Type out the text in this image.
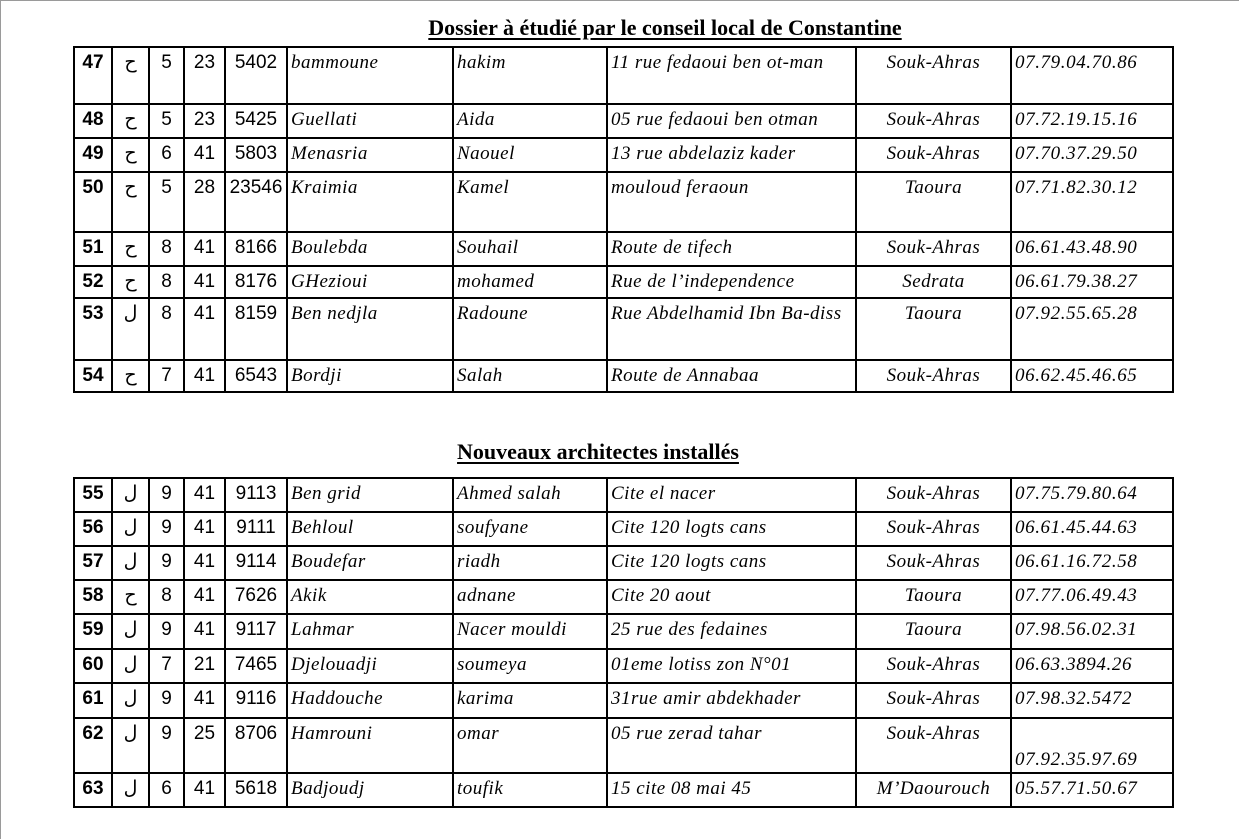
Dossier à étudié par le conseil local de Constantine
47	ح	5	23	5402	bammoune	hakim	11 rue fedaoui ben ot-man	Souk-Ahras	07.79.04.70.86
48	ح	5	23	5425	Guellati	Aida	05 rue fedaoui ben otman	Souk-Ahras	07.72.19.15.16
49	ح	6	41	5803	Menasria	Naouel	13 rue abdelaziz kader	Souk-Ahras	07.70.37.29.50
50	ح	5	28	23546	Kraimia	Kamel	mouloud feraoun	Taoura	07.71.82.30.12
51	ح	8	41	8166	Boulebda	Souhail	Route de tifech	Souk-Ahras	06.61.43.48.90
52	ح	8	41	8176	GHezioui	mohamed	Rue de l’independence	Sedrata	06.61.79.38.27
53	ل	8	41	8159	Ben nedjla	Radoune	Rue Abdelhamid Ibn Ba-diss	Taoura	07.92.55.65.28
54	ح	7	41	6543	Bordji	Salah	Route de Annabaa	Souk-Ahras	06.62.45.46.65
Nouveaux architectes installés
55	ل	9	41	9113	Ben grid	Ahmed salah	Cite el nacer	Souk-Ahras	07.75.79.80.64
56	ل	9	41	9111	Behloul	soufyane	Cite 120 logts cans	Souk-Ahras	06.61.45.44.63
57	ل	9	41	9114	Boudefar	riadh	Cite 120 logts cans	Souk-Ahras	06.61.16.72.58
58	ح	8	41	7626	Akik	adnane	Cite 20 aout	Taoura	07.77.06.49.43
59	ل	9	41	9117	Lahmar	Nacer mouldi	25 rue des fedaines	Taoura	07.98.56.02.31
60	ل	7	21	7465	Djelouadji	soumeya	01eme lotiss zon N°01	Souk-Ahras	06.63.3894.26
61	ل	9	41	9116	Haddouche	karima	31rue amir abdekhader	Souk-Ahras	07.98.32.5472
62	ل	9	25	8706	Hamrouni	omar	05 rue zerad tahar	Souk-Ahras	07.92.35.97.69
63	ل	6	41	5618	Badjoudj	toufik	15 cite 08 mai 45	M’Daourouch	05.57.71.50.67
